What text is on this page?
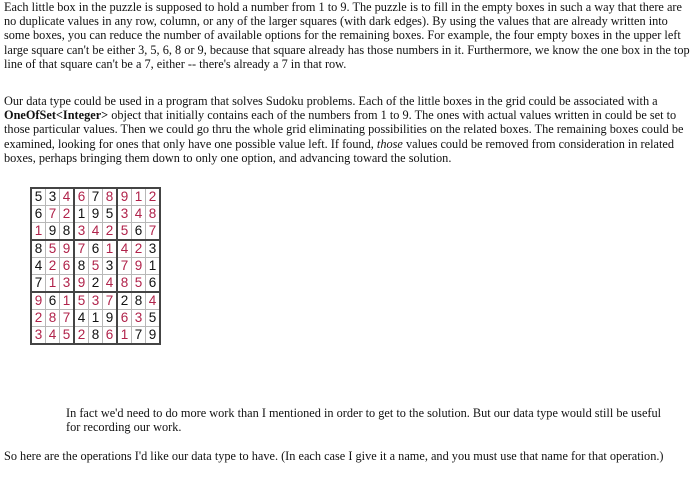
Each little box in the puzzle is supposed to hold a number from 1 to 9. The puzzle is to fill in the empty boxes in such a way that there are no duplicate values in any row, column, or any of the larger squares (with dark edges). By using the values that are already written into some boxes, you can reduce the number of available options for the remaining boxes. For example, the four empty boxes in the upper left large square can't be either 3, 5, 6, 8 or 9, because that square already has those numbers in it. Furthermore, we know the one box in the top line of that square can't be a 7, either -- there's already a 7 in that row.

Our data type could be used in a program that solves Sudoku problems. Each of the little boxes in the grid could be associated with a OneOfSet<Integer> object that initially contains each of the numbers from 1 to 9. The ones with actual values written in could be set to those particular values. Then we could go thru the whole grid eliminating possibilities on the related boxes. The remaining boxes could be examined, looking for ones that only have one possible value left. If found, those values could be removed from consideration in related boxes, perhaps bringing them down to only one option, and advancing toward the solution.

5	3	4	6	7	8	9	1	2
6	7	2	1	9	5	3	4	8
1	9	8	3	4	2	5	6	7
8	5	9	7	6	1	4	2	3
4	2	6	8	5	3	7	9	1
7	1	3	9	2	4	8	5	6
9	6	1	5	3	7	2	8	4
2	8	7	4	1	9	6	3	5
3	4	5	2	8	6	1	7	9

In fact we'd need to do more work than I mentioned in order to get to the solution. But our data type would still be useful for recording our work.

So here are the operations I'd like our data type to have. (In each case I give it a name, and you must use that name for that operation.)
